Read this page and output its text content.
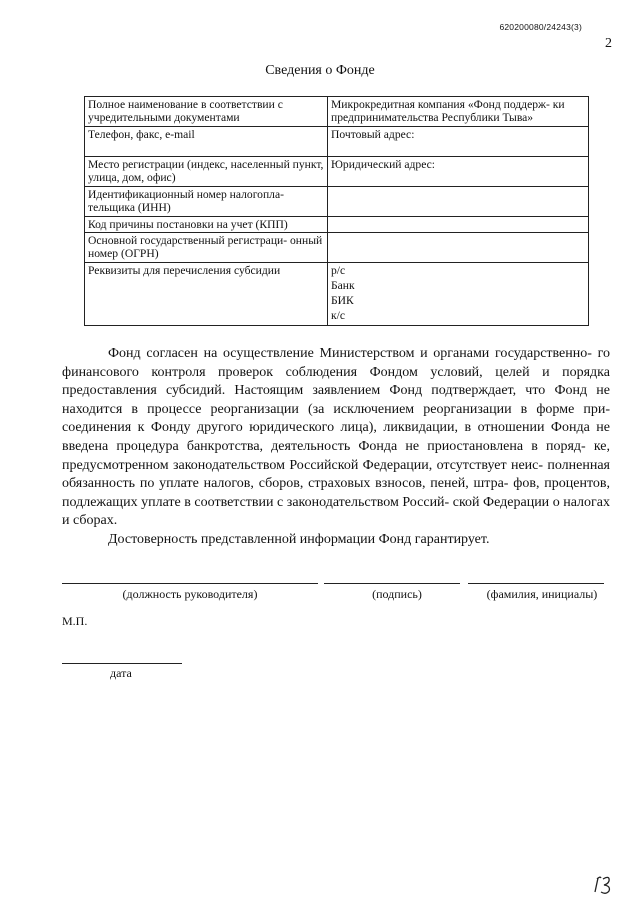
620200080/24243(3)
2
Сведения о Фонде
Полное наименование в соответствии с учредительными документами	Микрокредитная компания «Фонд поддерж- ки предпринимательства Республики Тыва»
Телефон, факс, e-mail	Почтовый адрес:
Место регистрации (индекс, населенный пункт, улица, дом, офис)	Юридический адрес:
Идентификационный номер налогопла- тельщика (ИНН)	
Код причины постановки на учет (КПП)	
Основной государственный регистраци- онный номер (ОГРН)	
Реквизиты для перечисления субсидии	р/с
Банк
БИК
к/с

Фонд согласен на осуществление Министерством и органами государственно- го финансового контроля проверок соблюдения Фондом условий, целей и порядка предоставления субсидий. Настоящим заявлением Фонд подтверждает, что Фонд не находится в процессе реорганизации (за исключением реорганизации в форме при- соединения к Фонду другого юридического лица), ликвидации, в отношении Фонда не введена процедура банкротства, деятельность Фонда не приостановлена в поряд- ке, предусмотренном законодательством Российской Федерации, отсутствует неис- полненная обязанность по уплате налогов, сборов, страховых взносов, пеней, штра- фов, процентов, подлежащих уплате в соответствии с законодательством Россий- ской Федерации о налогах и сборах.

Достоверность представленной информации Фонд гарантирует.

(должность руководителя)	(подпись)	(фамилия, инициалы)
М.П.
дата
